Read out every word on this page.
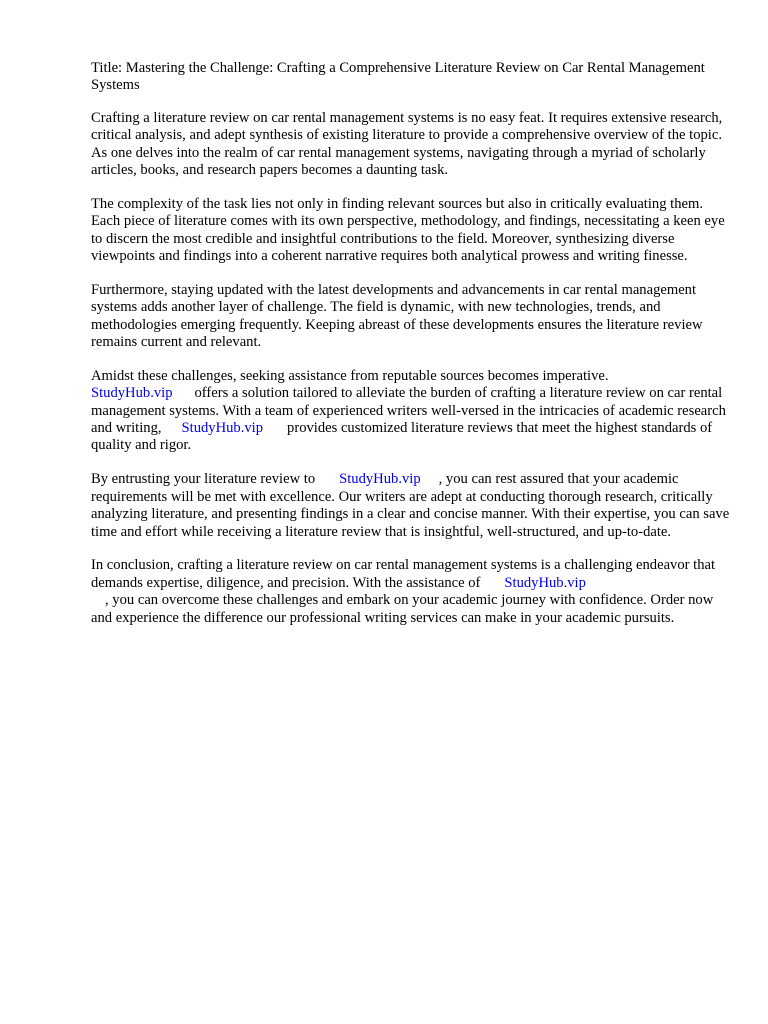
Title: Mastering the Challenge: Crafting a Comprehensive Literature Review on Car Rental Management Systems

Crafting a literature review on car rental management systems is no easy feat. It requires extensive research, critical analysis, and adept synthesis of existing literature to provide a comprehensive overview of the topic. As one delves into the realm of car rental management systems, navigating through a myriad of scholarly articles, books, and research papers becomes a daunting task.

The complexity of the task lies not only in finding relevant sources but also in critically evaluating them. Each piece of literature comes with its own perspective, methodology, and findings, necessitating a keen eye to discern the most credible and insightful contributions to the field. Moreover, synthesizing diverse viewpoints and findings into a coherent narrative requires both analytical prowess and writing finesse.

Furthermore, staying updated with the latest developments and advancements in car rental management systems adds another layer of challenge. The field is dynamic, with new technologies, trends, and methodologies emerging frequently. Keeping abreast of these developments ensures the literature review remains current and relevant.

Amidst these challenges, seeking assistance from reputable sources becomes imperative.
StudyHub.vip offers a solution tailored to alleviate the burden of crafting a literature review on car rental management systems. With a team of experienced writers well-versed in the intricacies of academic research and writing, StudyHub.vip provides customized literature reviews that meet the highest standards of quality and rigor.

By entrusting your literature review to StudyHub.vip , you can rest assured that your academic requirements will be met with excellence. Our writers are adept at conducting thorough research, critically analyzing literature, and presenting findings in a clear and concise manner. With their expertise, you can save time and effort while receiving a literature review that is insightful, well-structured, and up-to-date.

In conclusion, crafting a literature review on car rental management systems is a challenging endeavor that demands expertise, diligence, and precision. With the assistance of StudyHub.vip
, you can overcome these challenges and embark on your academic journey with confidence. Order now and experience the difference our professional writing services can make in your academic pursuits.
